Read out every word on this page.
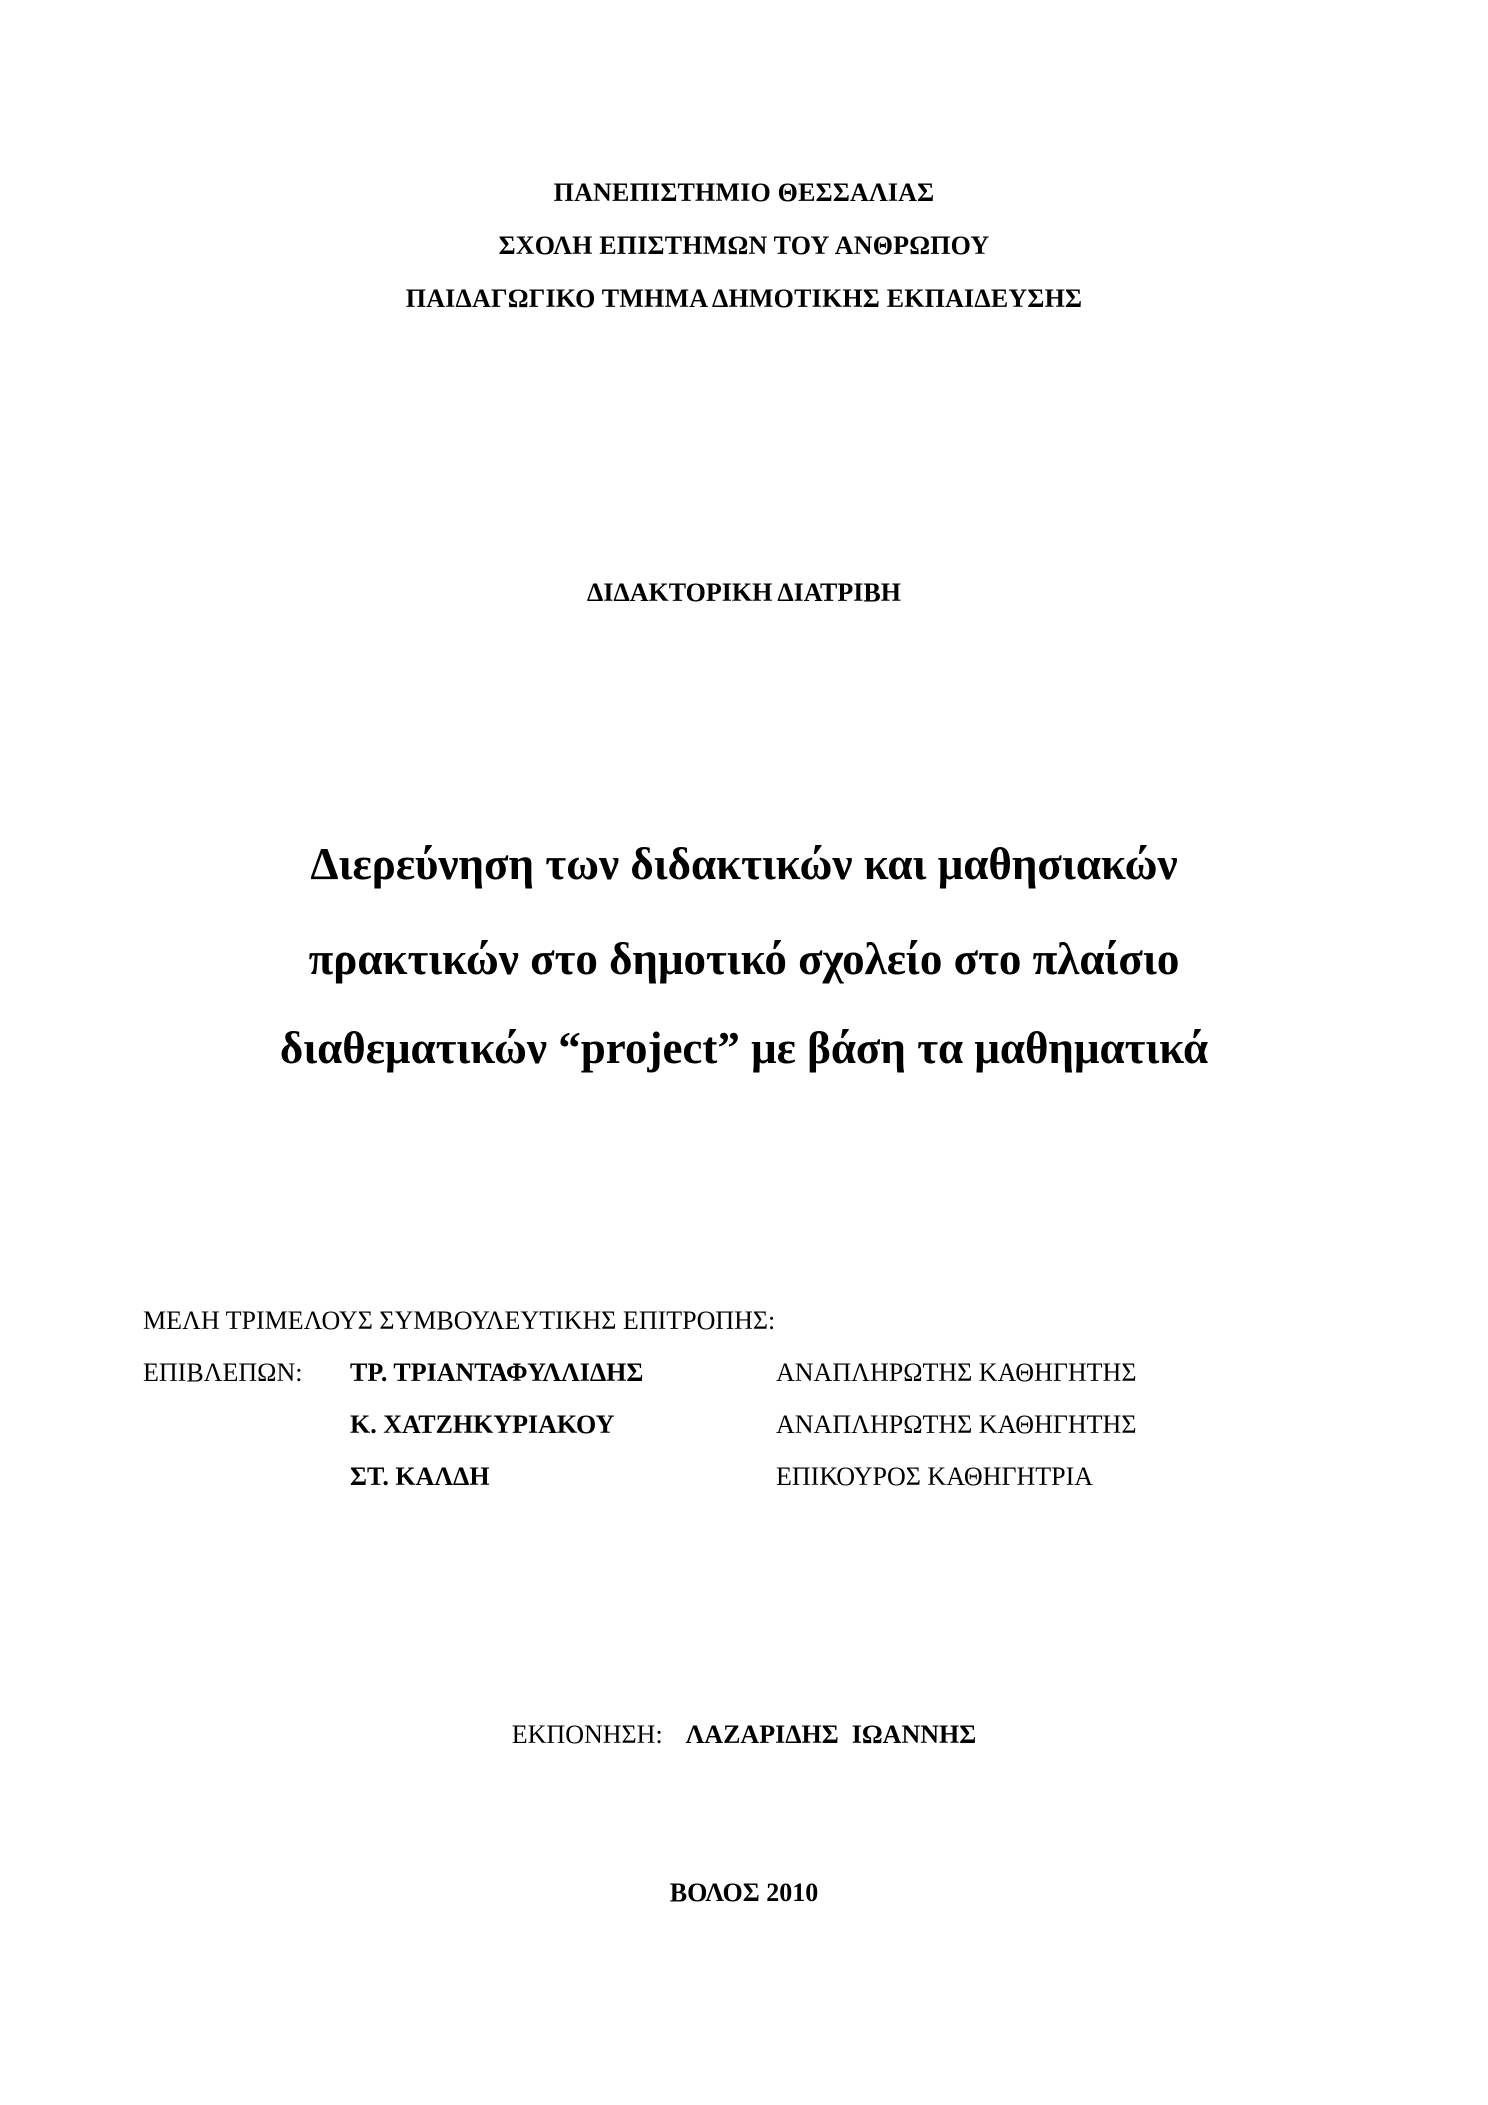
ΠΑΝΕΠΙΣΤΗΜΙΟ ΘΕΣΣΑΛΙΑΣ
ΣΧΟΛΗ ΕΠΙΣΤΗΜΩΝ ΤΟΥ ΑΝΘΡΩΠΟΥ
ΠΑΙΔΑΓΩΓΙΚΟ ΤΜΗΜΑ ΔΗΜΟΤΙΚΗΣ ΕΚΠΑΙΔΕΥΣΗΣ
ΔΙΔΑΚΤΟΡΙΚΗ ΔΙΑΤΡΙΒΗ
Διερεύνηση των διδακτικών και μαθησιακών
πρακτικών στο δημοτικό σχολείο στο πλαίσιο
διαθεματικών “project” με βάση τα μαθηματικά
ΜΕΛΗ ΤΡΙΜΕΛΟΥΣ ΣΥΜΒΟΥΛΕΥΤΙΚΗΣ ΕΠΙΤΡΟΠΗΣ:
ΕΠΙΒΛΕΠΩΝ: ΤΡ. ΤΡΙΑΝΤΑΦΥΛΛΙΔΗΣ	ΑΝΑΠΛΗΡΩΤΗΣ ΚΑΘΗΓΗΤΗΣ
Κ. ΧΑΤΖΗΚΥΡΙΑΚΟΥ	ΑΝΑΠΛΗΡΩΤΗΣ ΚΑΘΗΓΗΤΗΣ
ΣΤ. ΚΑΛΔΗ	ΕΠΙΚΟΥΡΟΣ ΚΑΘΗΓΗΤΡΙΑ
ΕΚΠΟΝΗΣΗ: ΛΑΖΑΡΙΔΗΣ  ΙΩΑΝΝΗΣ
ΒΟΛΟΣ 2010
